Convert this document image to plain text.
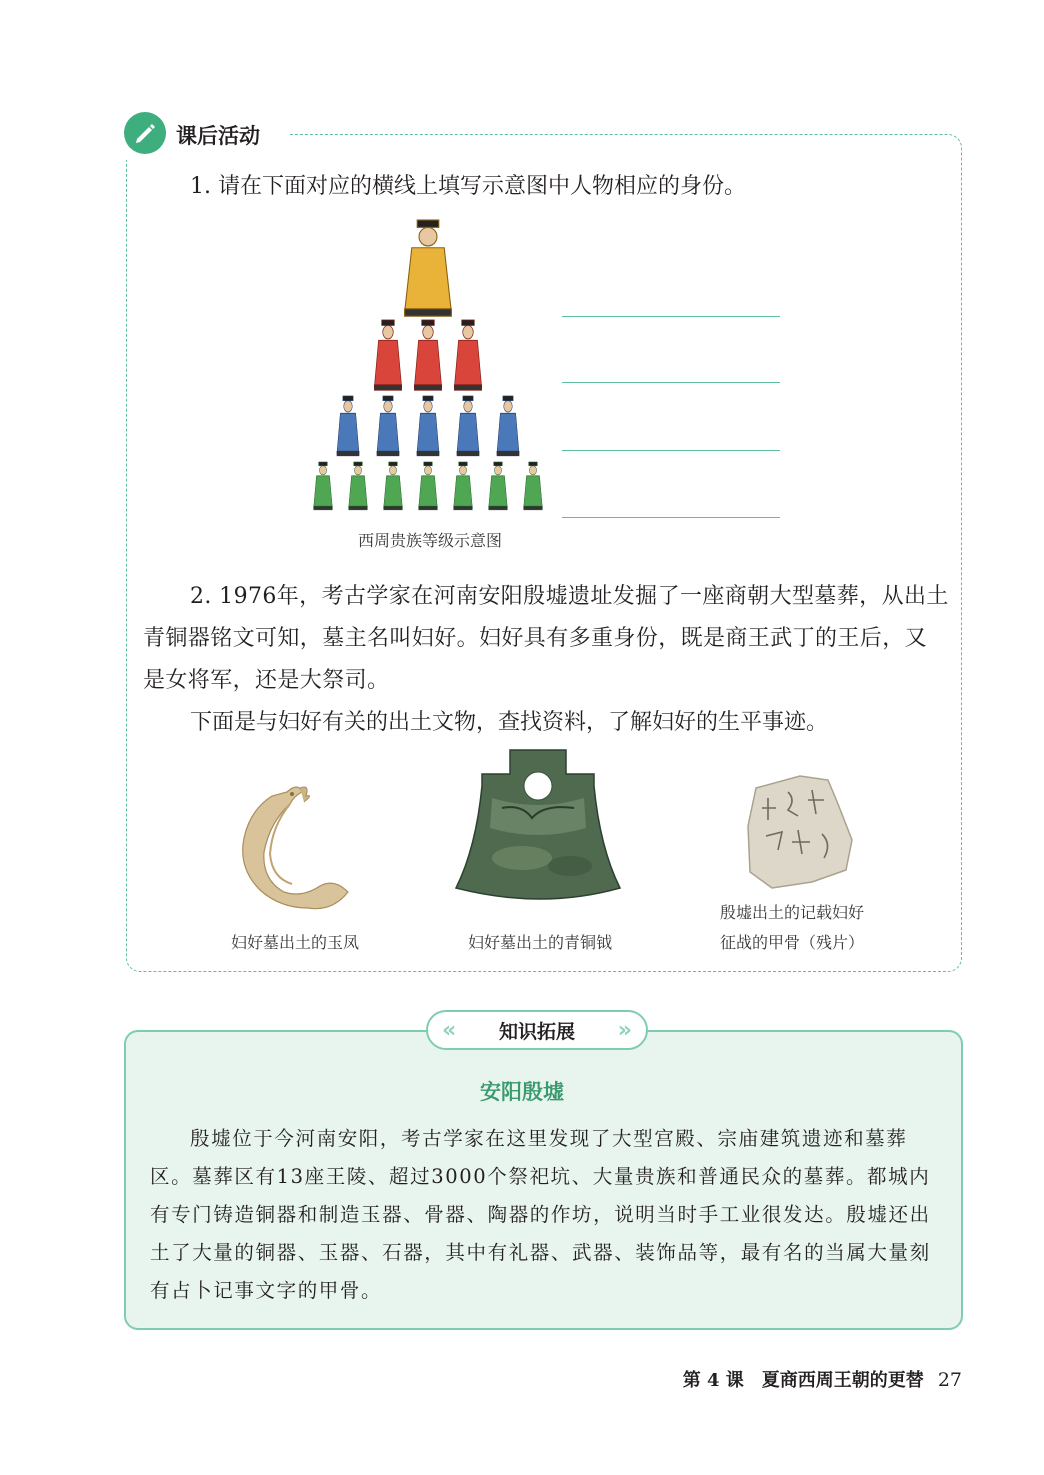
课后活动

1. 请在下面对应的横线上填写示意图中人物相应的身份。

西周贵族等级示意图

2. 1976年，考古学家在河南安阳殷墟遗址发掘了一座商朝大型墓葬，从出土青铜器铭文可知，墓主名叫妇好。妇好具有多重身份，既是商王武丁的王后，又是女将军，还是大祭司。

下面是与妇好有关的出土文物，查找资料，了解妇好的生平事迹。

妇好墓出土的玉凤	妇好墓出土的青铜钺

殷墟出土的记载妇好

征战的甲骨（残片）

« 知识拓展 »
安阳殷墟

殷墟位于今河南安阳，考古学家在这里发现了大型宫殿、宗庙建筑遗迹和墓葬区。墓葬区有13座王陵、超过3000个祭祀坑、大量贵族和普通民众的墓葬。都城内有专门铸造铜器和制造玉器、骨器、陶器的作坊，说明当时手工业很发达。殷墟还出土了大量的铜器、玉器、石器，其中有礼器、武器、装饰品等，最有名的当属大量刻有占卜记事文字的甲骨。

第 4 课　夏商西周王朝的更替 27
